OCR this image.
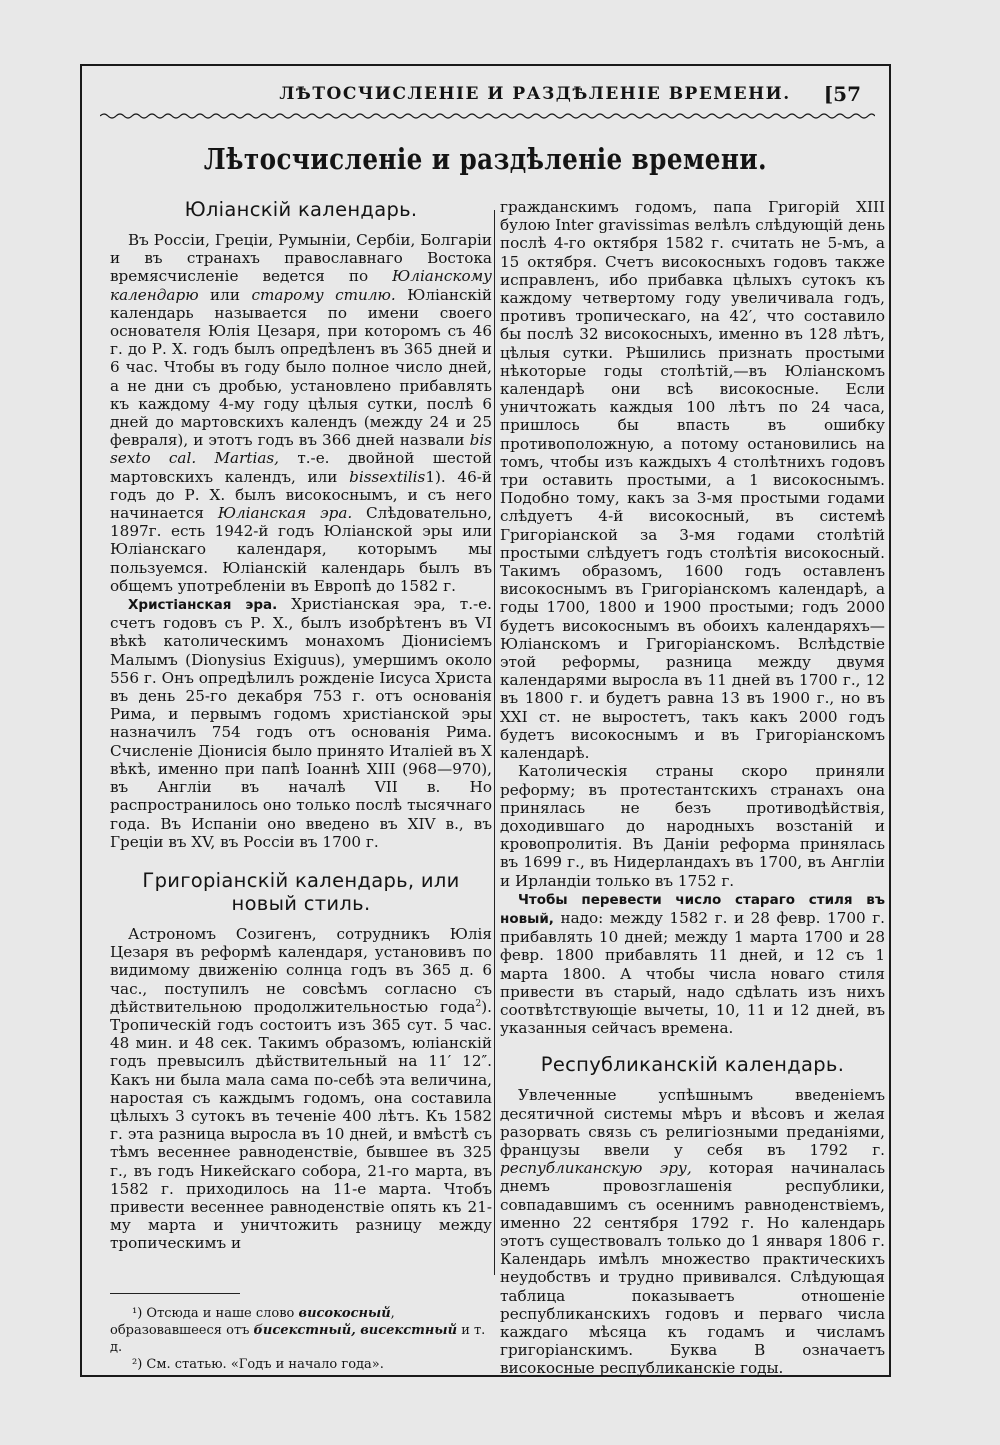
ЛѢТОСЧИСЛЕНІЕ И РАЗДѢЛЕНІЕ ВРЕМЕНИ.	[57
Лѣтосчисленіе и раздѣленіе времени.
Юліанскій календарь.

Въ Россіи, Греціи, Румыніи, Сербіи, Болгаріи и въ странахъ православнаго Востока времясчисленіе ведется по Юліанскому календарю или старому стилю. Юліанскій календарь называется по имени своего основателя Юлія Цезаря, при которомъ съ 46 г. до Р. Х. годъ былъ опредѣленъ въ 365 дней и 6 час. Чтобы въ году было полное число дней, а не дни съ дробью, установлено прибавлять къ каждому 4-му году цѣлыя сутки, послѣ 6 дней до мартовскихъ календъ (между 24 и 25 февраля), и этотъ годъ въ 366 дней назвали bis sexto cal. Martias, т.-е. двойной шестой мартовскихъ календъ, или bissextilis1). 46-й годъ до Р. Х. былъ високоснымъ, и съ него начинается Юліанская эра. Слѣдовательно, 1897г. есть 1942-й годъ Юліанской эры или Юліанскаго календаря, которымъ мы пользуемся. Юліанскій календарь былъ въ общемъ употребленіи въ Европѣ до 1582 г.

Христіанская эра. Христіанская эра, т.-е. счетъ годовъ съ Р. Х., былъ изобрѣтенъ въ VI вѣкѣ католическимъ монахомъ Діонисіемъ Малымъ (Dionysius Exiguus), умершимъ около 556 г. Онъ опредѣлилъ рожденіе Іисуса Христа въ день 25-го декабря 753 г. отъ основанія Рима, и первымъ годомъ христіанской эры назначилъ 754 годъ отъ основанія Рима. Счисленіе Діонисія было принято Италіей въ X вѣкѣ, именно при папѣ Іоаннѣ XIII (968—970), въ Англіи въ началѣ VII в. Но распространилось оно только послѣ тысячнаго года. Въ Испаніи оно введено въ XIV в., въ Греціи въ XV, въ Россіи въ 1700 г.

Григоріанскій календарь, или новый стиль.

Астрономъ Созигенъ, сотрудникъ Юлія Цезаря въ реформѣ календаря, установивъ по видимому движенію солнца годъ въ 365 д. 6 час., поступилъ не совсѣмъ согласно съ дѣйствительною продолжительностью года$^2$). Тропическій годъ состоитъ изъ 365 сут. 5 час. 48 мин. и 48 сек. Такимъ образомъ, юліанскій годъ превысилъ дѣйствительный на 11′ 12″. Какъ ни была мала сама по-себѣ эта величина, наростая съ каждымъ годомъ, она составила цѣлыхъ 3 сутокъ въ теченіе 400 лѣтъ. Къ 1582 г. эта разница выросла въ 10 дней, и вмѣстѣ съ тѣмъ весеннее равноденствіе, бывшее въ 325 г., въ годъ Никейскаго собора, 21-го марта, въ 1582 г. приходилось на 11-е марта. Чтобъ привести весеннее равноденствіе опять къ 21-му марта и уничтожить разницу между тропическимъ и

¹) Отсюда и наше слово високосный, образовавшееся отъ бисекстный, висекстный и т. д.

²) См. статью. «Годъ и начало года».

гражданскимъ годомъ, папа Григорій XIII булою Inter gravissimas велѣлъ слѣдующій день послѣ 4-го октября 1582 г. считать не 5-мъ, а 15 октября. Счетъ високосныхъ годовъ также исправленъ, ибо прибавка цѣлыхъ сутокъ къ каждому четвертому году увеличивала годъ, противъ тропическаго, на 42′, что составило бы послѣ 32 високосныхъ, именно въ 128 лѣтъ, цѣлыя сутки. Рѣшились признать простыми нѣкоторые годы столѣтій,—въ Юліанскомъ календарѣ они всѣ високосные. Если уничтожать каждыя 100 лѣтъ по 24 часа, пришлось бы впасть въ ошибку противоположную, а потому остановились на томъ, чтобы изъ каждыхъ 4 столѣтнихъ годовъ три оставить простыми, а 1 високоснымъ. Подобно тому, какъ за 3-мя простыми годами слѣдуетъ 4-й високосный, въ системѣ Григоріанской за 3-мя годами столѣтій простыми слѣдуетъ годъ столѣтія високосный. Такимъ образомъ, 1600 годъ оставленъ високоснымъ въ Григоріанскомъ календарѣ, а годы 1700, 1800 и 1900 простыми; годъ 2000 будетъ високоснымъ въ обоихъ календаряхъ— Юліанскомъ и Григоріанскомъ. Вслѣдствіе этой реформы, разница между двумя календарями выросла въ 11 дней въ 1700 г., 12 въ 1800 г. и будетъ равна 13 въ 1900 г., но въ XXI ст. не выростетъ, такъ какъ 2000 годъ будетъ високоснымъ и въ Григоріанскомъ календарѣ.

Католическія страны скоро приняли реформу; въ протестантскихъ странахъ она принялась не безъ противодѣйствія, доходившаго до народныхъ возстаній и кровопролитія. Въ Даніи реформа принялась въ 1699 г., въ Нидерландахъ въ 1700, въ Англіи и Ирландіи только въ 1752 г.

Чтобы перевести число стараго стиля въ новый, надо: между 1582 г. и 28 февр. 1700 г. прибавлять 10 дней; между 1 марта 1700 и 28 февр. 1800 прибавлять 11 дней, и 12 съ 1 марта 1800. А чтобы числа новаго стиля привести въ старый, надо сдѣлать изъ нихъ соотвѣтствующіе вычеты, 10, 11 и 12 дней, въ указанныя сейчасъ времена.

Республиканскій календарь.

Увлеченные успѣшнымъ введеніемъ десятичной системы мѣръ и вѣсовъ и желая разорвать связь съ религіозными преданіями, французы ввели у себя въ 1792 г. республиканскую эру, которая начиналась днемъ провозглашенія республики, совпадавшимъ съ осеннимъ равноденствіемъ, именно 22 сентября 1792 г. Но календарь этотъ существовалъ только до 1 января 1806 г. Календарь имѣлъ множество практическихъ неудобствъ и трудно прививался. Слѣдующая таблица показываетъ отношеніе республиканскихъ годовъ и перваго числа каждаго мѣсяца къ годамъ и числамъ григоріанскимъ. Буква В означаетъ високосные республиканскіе годы.
